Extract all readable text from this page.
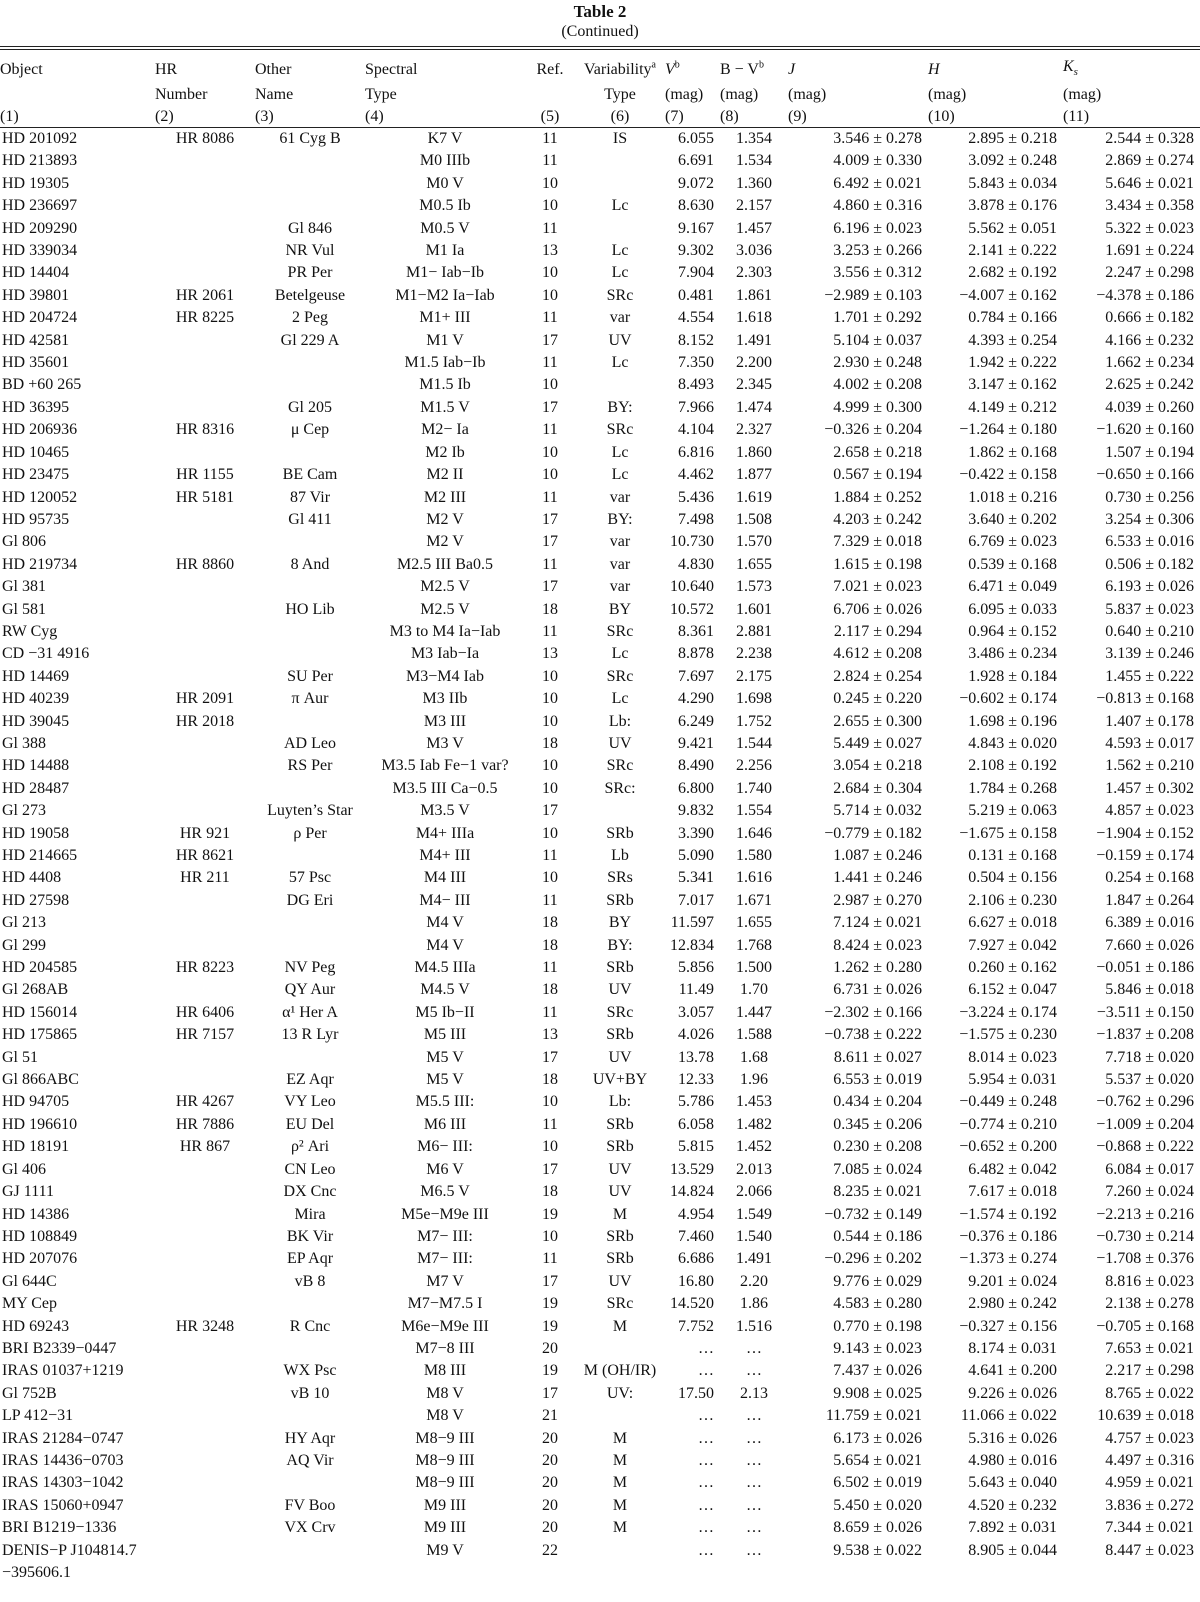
Table 2
(Continued)
Object	HR	Other	Spectral	Ref.	Variability$^a$	$V^b$	$B - V^b$	J	H	$K_s$
	Number	Name	Type		Type	(mag)	(mag)	(mag)	(mag)	(mag)
(1)	(2)	(3)	(4)	(5)	(6)	(7)	(8)	(9)	(10)	(11)
HD 201092	HR 8086	61 Cyg B	K7 V	11	IS	6.055	1.354	3.546 ± 0.278	2.895 ± 0.218	2.544 ± 0.328
HD 213893			M0 IIIb	11		6.691	1.534	4.009 ± 0.330	3.092 ± 0.248	2.869 ± 0.274
HD 19305			M0 V	10		9.072	1.360	6.492 ± 0.021	5.843 ± 0.034	5.646 ± 0.021
HD 236697			M0.5 Ib	10	Lc	8.630	2.157	4.860 ± 0.316	3.878 ± 0.176	3.434 ± 0.358
HD 209290		Gl 846	M0.5 V	11		9.167	1.457	6.196 ± 0.023	5.562 ± 0.051	5.322 ± 0.023
HD 339034		NR Vul	M1 Ia	13	Lc	9.302	3.036	3.253 ± 0.266	2.141 ± 0.222	1.691 ± 0.224
HD 14404		PR Per	M1− Iab−Ib	10	Lc	7.904	2.303	3.556 ± 0.312	2.682 ± 0.192	2.247 ± 0.298
HD 39801	HR 2061	Betelgeuse	M1−M2 Ia−Iab	10	SRc	0.481	1.861	−2.989 ± 0.103	−4.007 ± 0.162	−4.378 ± 0.186
HD 204724	HR 8225	2 Peg	M1+ III	11	var	4.554	1.618	1.701 ± 0.292	0.784 ± 0.166	0.666 ± 0.182
HD 42581		Gl 229 A	M1 V	17	UV	8.152	1.491	5.104 ± 0.037	4.393 ± 0.254	4.166 ± 0.232
HD 35601			M1.5 Iab−Ib	11	Lc	7.350	2.200	2.930 ± 0.248	1.942 ± 0.222	1.662 ± 0.234
BD +60 265			M1.5 Ib	10		8.493	2.345	4.002 ± 0.208	3.147 ± 0.162	2.625 ± 0.242
HD 36395		Gl 205	M1.5 V	17	BY:	7.966	1.474	4.999 ± 0.300	4.149 ± 0.212	4.039 ± 0.260
HD 206936	HR 8316	μ Cep	M2− Ia	11	SRc	4.104	2.327	−0.326 ± 0.204	−1.264 ± 0.180	−1.620 ± 0.160
HD 10465			M2 Ib	10	Lc	6.816	1.860	2.658 ± 0.218	1.862 ± 0.168	1.507 ± 0.194
HD 23475	HR 1155	BE Cam	M2 II	10	Lc	4.462	1.877	0.567 ± 0.194	−0.422 ± 0.158	−0.650 ± 0.166
HD 120052	HR 5181	87 Vir	M2 III	11	var	5.436	1.619	1.884 ± 0.252	1.018 ± 0.216	0.730 ± 0.256
HD 95735		Gl 411	M2 V	17	BY:	7.498	1.508	4.203 ± 0.242	3.640 ± 0.202	3.254 ± 0.306
Gl 806			M2 V	17	var	10.730	1.570	7.329 ± 0.018	6.769 ± 0.023	6.533 ± 0.016
HD 219734	HR 8860	8 And	M2.5 III Ba0.5	11	var	4.830	1.655	1.615 ± 0.198	0.539 ± 0.168	0.506 ± 0.182
Gl 381			M2.5 V	17	var	10.640	1.573	7.021 ± 0.023	6.471 ± 0.049	6.193 ± 0.026
Gl 581		HO Lib	M2.5 V	18	BY	10.572	1.601	6.706 ± 0.026	6.095 ± 0.033	5.837 ± 0.023
RW Cyg			M3 to M4 Ia−Iab	11	SRc	8.361	2.881	2.117 ± 0.294	0.964 ± 0.152	0.640 ± 0.210
CD −31 4916			M3 Iab−Ia	13	Lc	8.878	2.238	4.612 ± 0.208	3.486 ± 0.234	3.139 ± 0.246
HD 14469		SU Per	M3−M4 Iab	10	SRc	7.697	2.175	2.824 ± 0.254	1.928 ± 0.184	1.455 ± 0.222
HD 40239	HR 2091	π Aur	M3 IIb	10	Lc	4.290	1.698	0.245 ± 0.220	−0.602 ± 0.174	−0.813 ± 0.168
HD 39045	HR 2018		M3 III	10	Lb:	6.249	1.752	2.655 ± 0.300	1.698 ± 0.196	1.407 ± 0.178
Gl 388		AD Leo	M3 V	18	UV	9.421	1.544	5.449 ± 0.027	4.843 ± 0.020	4.593 ± 0.017
HD 14488		RS Per	M3.5 Iab Fe−1 var?	10	SRc	8.490	2.256	3.054 ± 0.218	2.108 ± 0.192	1.562 ± 0.210
HD 28487			M3.5 III Ca−0.5	10	SRc:	6.800	1.740	2.684 ± 0.304	1.784 ± 0.268	1.457 ± 0.302
Gl 273		Luyten’s Star	M3.5 V	17		9.832	1.554	5.714 ± 0.032	5.219 ± 0.063	4.857 ± 0.023
HD 19058	HR 921	ρ Per	M4+ IIIa	10	SRb	3.390	1.646	−0.779 ± 0.182	−1.675 ± 0.158	−1.904 ± 0.152
HD 214665	HR 8621		M4+ III	11	Lb	5.090	1.580	1.087 ± 0.246	0.131 ± 0.168	−0.159 ± 0.174
HD 4408	HR 211	57 Psc	M4 III	10	SRs	5.341	1.616	1.441 ± 0.246	0.504 ± 0.156	0.254 ± 0.168
HD 27598		DG Eri	M4− III	11	SRb	7.017	1.671	2.987 ± 0.270	2.106 ± 0.230	1.847 ± 0.264
Gl 213			M4 V	18	BY	11.597	1.655	7.124 ± 0.021	6.627 ± 0.018	6.389 ± 0.016
Gl 299			M4 V	18	BY:	12.834	1.768	8.424 ± 0.023	7.927 ± 0.042	7.660 ± 0.026
HD 204585	HR 8223	NV Peg	M4.5 IIIa	11	SRb	5.856	1.500	1.262 ± 0.280	0.260 ± 0.162	−0.051 ± 0.186
Gl 268AB		QY Aur	M4.5 V	18	UV	11.49	1.70	6.731 ± 0.026	6.152 ± 0.047	5.846 ± 0.018
HD 156014	HR 6406	α¹ Her A	M5 Ib−II	11	SRc	3.057	1.447	−2.302 ± 0.166	−3.224 ± 0.174	−3.511 ± 0.150
HD 175865	HR 7157	13 R Lyr	M5 III	13	SRb	4.026	1.588	−0.738 ± 0.222	−1.575 ± 0.230	−1.837 ± 0.208
Gl 51			M5 V	17	UV	13.78	1.68	8.611 ± 0.027	8.014 ± 0.023	7.718 ± 0.020
Gl 866ABC		EZ Aqr	M5 V	18	UV+BY	12.33	1.96	6.553 ± 0.019	5.954 ± 0.031	5.537 ± 0.020
HD 94705	HR 4267	VY Leo	M5.5 III:	10	Lb:	5.786	1.453	0.434 ± 0.204	−0.449 ± 0.248	−0.762 ± 0.296
HD 196610	HR 7886	EU Del	M6 III	11	SRb	6.058	1.482	0.345 ± 0.206	−0.774 ± 0.210	−1.009 ± 0.204
HD 18191	HR 867	ρ² Ari	M6− III:	10	SRb	5.815	1.452	0.230 ± 0.208	−0.652 ± 0.200	−0.868 ± 0.222
Gl 406		CN Leo	M6 V	17	UV	13.529	2.013	7.085 ± 0.024	6.482 ± 0.042	6.084 ± 0.017
GJ 1111		DX Cnc	M6.5 V	18	UV	14.824	2.066	8.235 ± 0.021	7.617 ± 0.018	7.260 ± 0.024
HD 14386		Mira	M5e−M9e III	19	M	4.954	1.549	−0.732 ± 0.149	−1.574 ± 0.192	−2.213 ± 0.216
HD 108849		BK Vir	M7− III:	10	SRb	7.460	1.540	0.544 ± 0.186	−0.376 ± 0.186	−0.730 ± 0.214
HD 207076		EP Aqr	M7− III:	11	SRb	6.686	1.491	−0.296 ± 0.202	−1.373 ± 0.274	−1.708 ± 0.376
Gl 644C		vB 8	M7 V	17	UV	16.80	2.20	9.776 ± 0.029	9.201 ± 0.024	8.816 ± 0.023
MY Cep			M7−M7.5 I	19	SRc	14.520	1.86	4.583 ± 0.280	2.980 ± 0.242	2.138 ± 0.278
HD 69243	HR 3248	R Cnc	M6e−M9e III	19	M	7.752	1.516	0.770 ± 0.198	−0.327 ± 0.156	−0.705 ± 0.168
BRI B2339−0447			M7−8 III	20		…	…	9.143 ± 0.023	8.174 ± 0.031	7.653 ± 0.021
IRAS 01037+1219		WX Psc	M8 III	19	M (OH/IR)	…	…	7.437 ± 0.026	4.641 ± 0.200	2.217 ± 0.298
Gl 752B		vB 10	M8 V	17	UV:	17.50	2.13	9.908 ± 0.025	9.226 ± 0.026	8.765 ± 0.022
LP 412−31			M8 V	21		…	…	11.759 ± 0.021	11.066 ± 0.022	10.639 ± 0.018
IRAS 21284−0747		HY Aqr	M8−9 III	20	M	…	…	6.173 ± 0.026	5.316 ± 0.026	4.757 ± 0.023
IRAS 14436−0703		AQ Vir	M8−9 III	20	M	…	…	5.654 ± 0.021	4.980 ± 0.016	4.497 ± 0.316
IRAS 14303−1042			M8−9 III	20	M	…	…	6.502 ± 0.019	5.643 ± 0.040	4.959 ± 0.021
IRAS 15060+0947		FV Boo	M9 III	20	M	…	…	5.450 ± 0.020	4.520 ± 0.232	3.836 ± 0.272
BRI B1219−1336		VX Crv	M9 III	20	M	…	…	8.659 ± 0.026	7.892 ± 0.031	7.344 ± 0.021
DENIS−P J104814.7			M9 V	22		…	…	9.538 ± 0.022	8.905 ± 0.044	8.447 ± 0.023
−395606.1										
